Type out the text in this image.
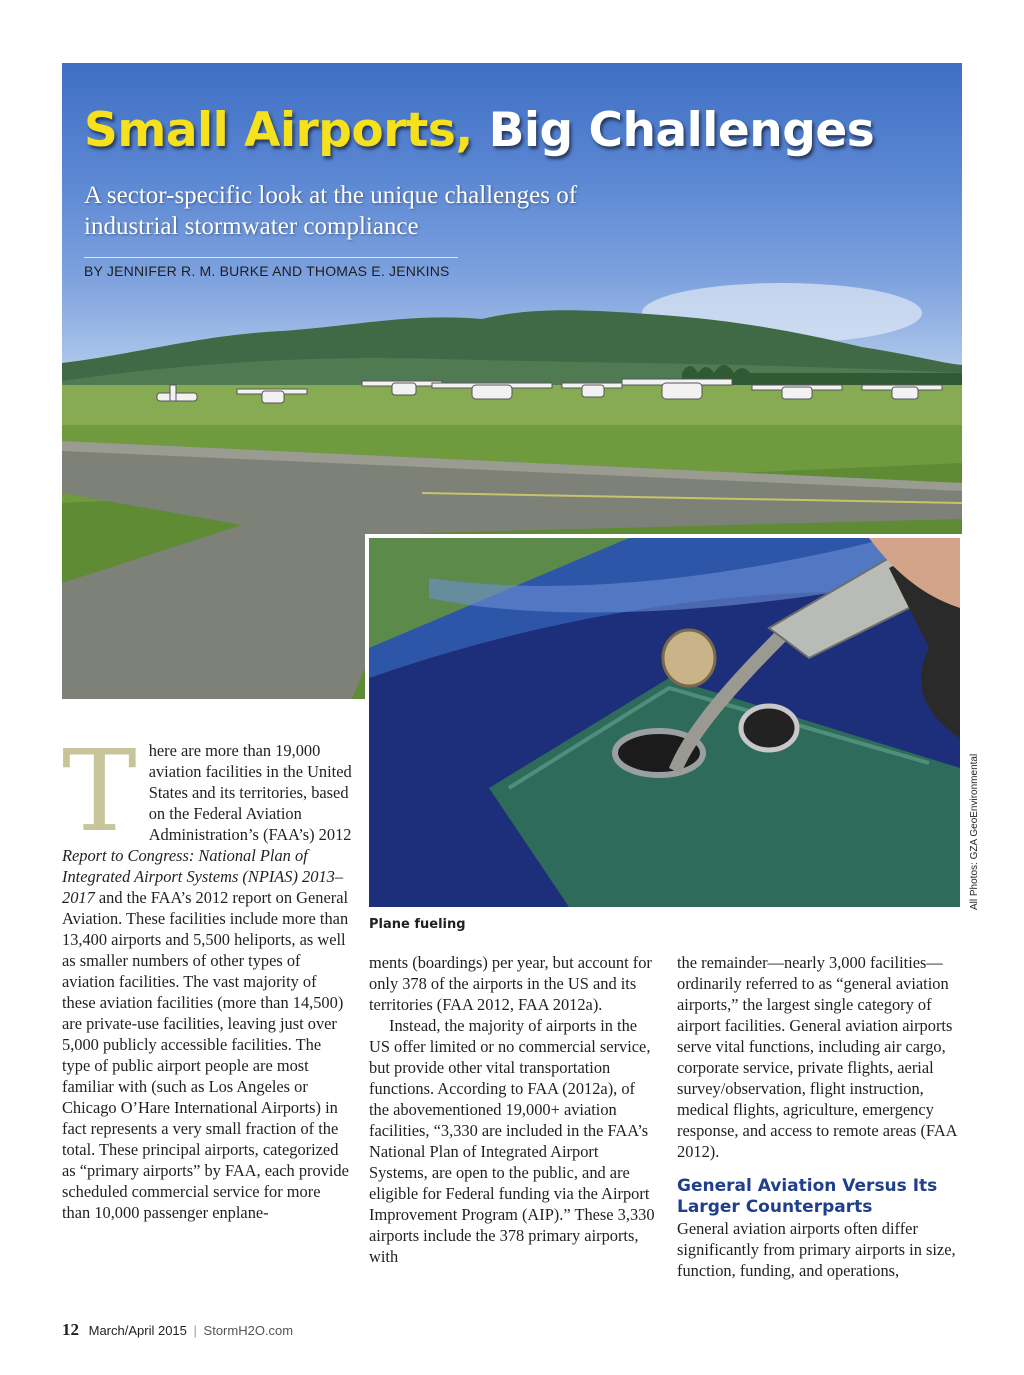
Small Airports, Big Challenges
A sector-specific look at the unique challenges of industrial stormwater compliance
BY JENNIFER R. M. BURKE AND THOMAS E. JENKINS
Plane fueling
All Photos: GZA GeoEnvironmental
T here are more than 19,000 aviation facilities in the United States and its territories, based on the Federal Aviation Administration’s (FAA’s) 2012 Report to Congress: National Plan of Integrated Airport Systems (NPIAS) 2013–2017 and the FAA’s 2012 report on General Aviation. These facilities include more than 13,400 airports and 5,500 heliports, as well as smaller numbers of other types of aviation facilities. The vast majority of these aviation facilities (more than 14,500) are private-use facilities, leaving just over 5,000 publicly accessible facilities. The type of public airport people are most familiar with (such as Los Angeles or Chicago O’Hare International Airports) in fact represents a very small fraction of the total. These principal airports, categorized as “primary airports” by FAA, each provide scheduled commercial service for more than 10,000 passenger enplane-

ments (boardings) per year, but account for only 378 of the airports in the US and its territories (FAA 2012, FAA 2012a).

Instead, the majority of airports in the US offer limited or no commercial service, but provide other vital transportation functions. According to FAA (2012a), of the abovementioned 19,000+ aviation facilities, “3,330 are included in the FAA’s National Plan of Integrated Airport Systems, are open to the public, and are eligible for Federal funding via the Airport Improvement Program (AIP).” These 3,330 airports include the 378 primary airports, with

the remainder—nearly 3,000 facilities—ordinarily referred to as “general aviation airports,” the largest single category of airport facilities. General aviation airports serve vital functions, including air cargo, corporate service, private flights, aerial survey/observation, flight instruction, medical flights, agriculture, emergency response, and access to remote areas (FAA 2012).

General Aviation Versus Its Larger Counterparts

General aviation airports often differ significantly from primary airports in size, function, funding, and operations,

12 March/April 2015 | StormH2O.com
